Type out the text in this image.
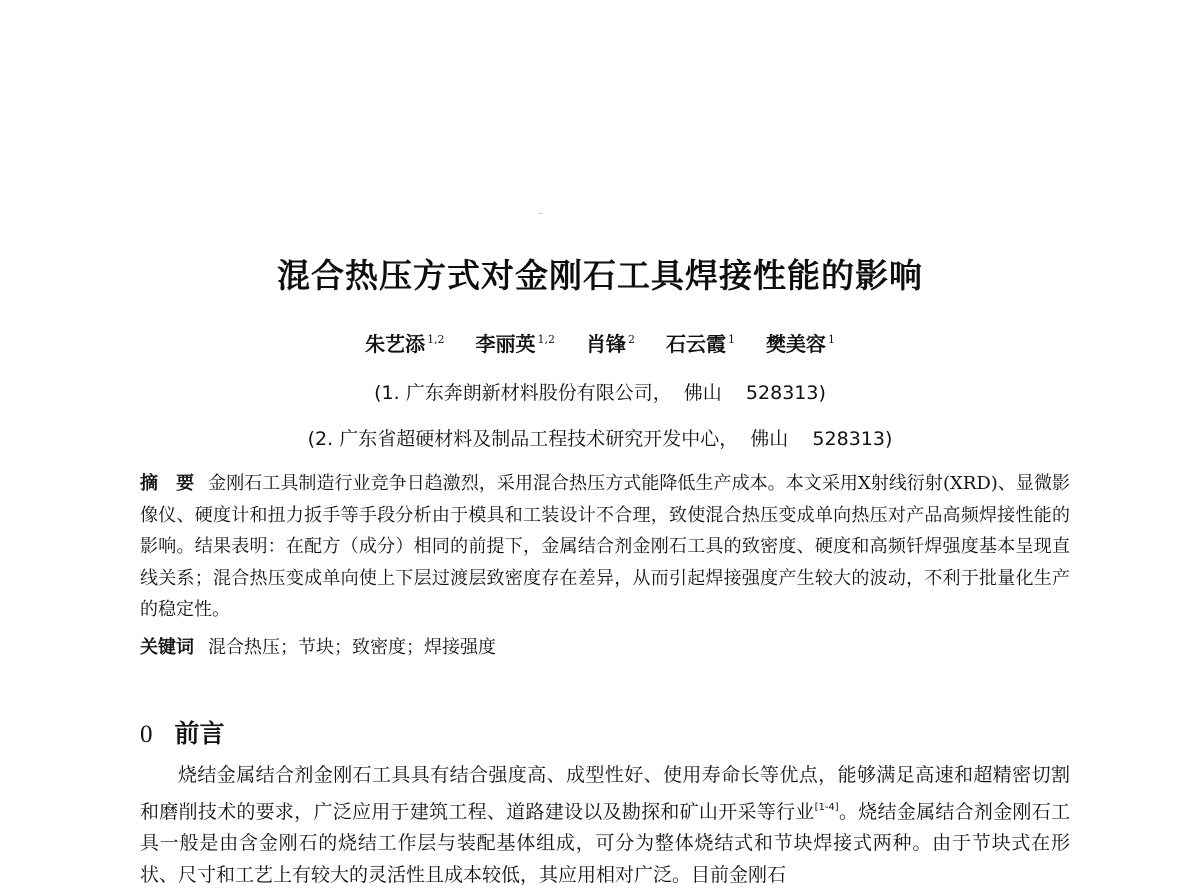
混合热压方式对金刚石工具焊接性能的影响
朱艺添 $^{1,2}$ 李丽英 $^{1,2}$ 肖锋 $^2$ 石云霞 $^1$ 樊美容 $^1$
(1. 广东奔朗新材料股份有限公司，  佛山    528313)
(2. 广东省超硬材料及制品工程技术研究开发中心，  佛山    528313)
摘　要 金刚石工具制造行业竞争日趋激烈，采用混合热压方式能降低生产成本。本文采用X射线衍射(XRD)、显微影像仪、硬度计和扭力扳手等手段分析由于模具和工装设计不合理，致使混合热压变成单向热压对产品高频焊接性能的影响。结果表明：在配方（成分）相同的前提下，金属结合剂金刚石工具的致密度、硬度和高频钎焊强度基本呈现直线关系；混合热压变成单向使上下层过渡层致密度存在差异，从而引起焊接强度产生较大的波动，不利于批量化生产的稳定性。
关键词 混合热压；节块；致密度；焊接强度
0 前言
烧结金属结合剂金刚石工具具有结合强度高、成型性好、使用寿命长等优点，能够满足高速和超精密切割和磨削技术的要求，广泛应用于建筑工程、道路建设以及勘探和矿山开采等行业[1-4]。烧结金属结合剂金刚石工具一般是由含金刚石的烧结工作层与装配基体组成，可分为整体烧结式和节块焊接式两种。由于节块式在形状、尺寸和工艺上有较大的灵活性且成本较低，其应用相对广泛。目前金刚石
